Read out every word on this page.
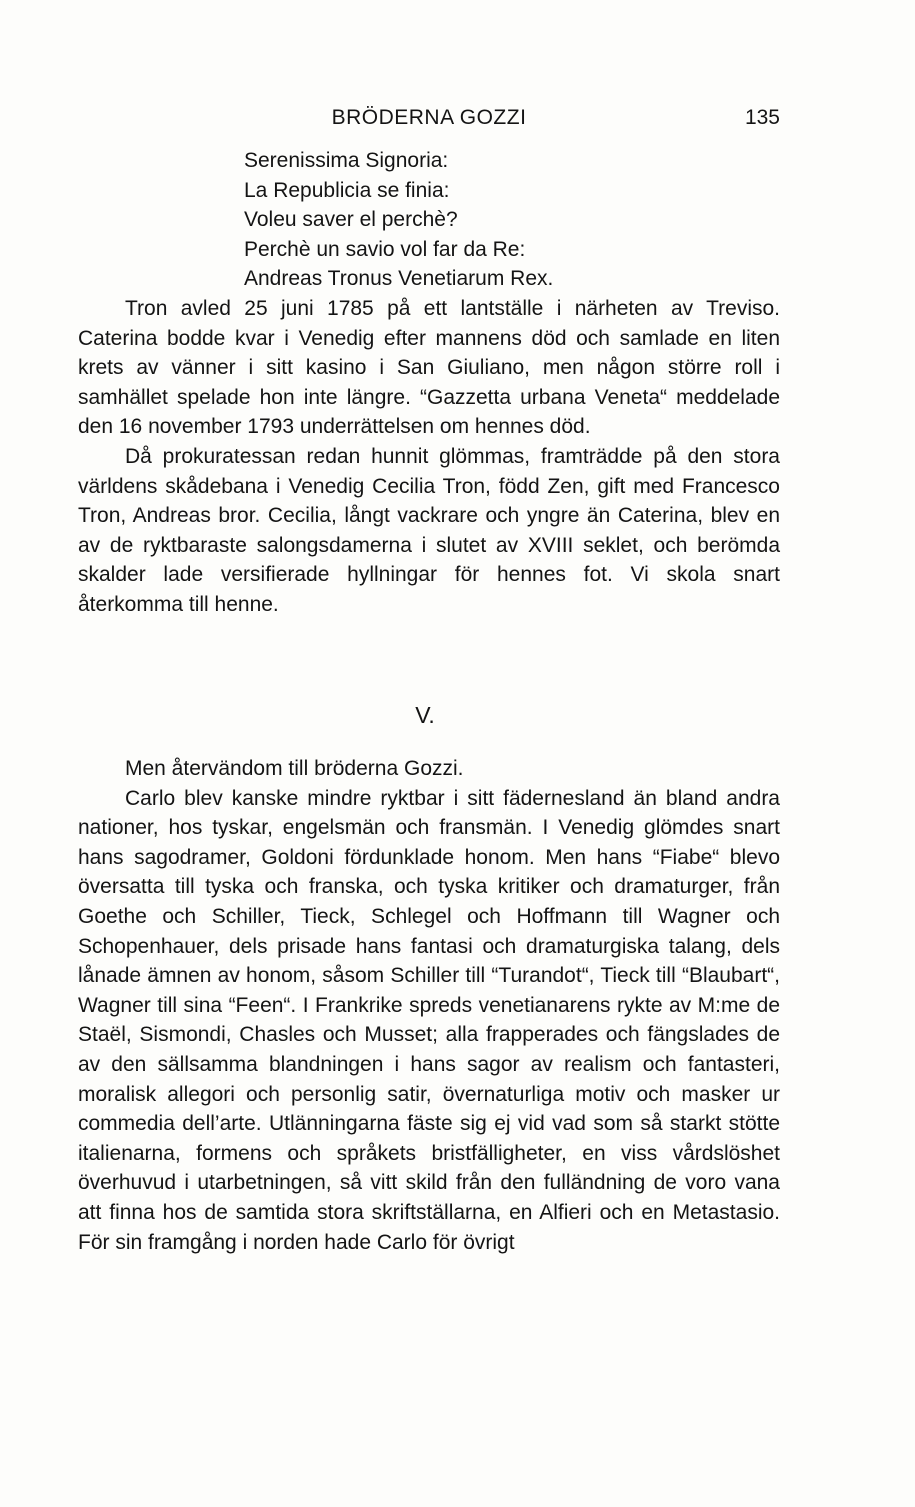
BRÖDERNA GOZZI	135
Serenissima Signoria:
La Republicia se finia:
Voleu saver el perchè?
Perchè un savio vol far da Re:
Andreas Tronus Venetiarum Rex.

Tron avled 25 juni 1785 på ett lantställe i närheten av Treviso. Caterina bodde kvar i Venedig efter mannens död och samlade en liten krets av vänner i sitt kasino i San Giuliano, men någon större roll i samhället spelade hon inte längre. “Gazzetta urbana Veneta“ meddelade den 16 november 1793 underrättelsen om hennes död.

Då prokuratessan redan hunnit glömmas, framträdde på den stora världens skådebana i Venedig Cecilia Tron, född Zen, gift med Francesco Tron, Andreas bror. Cecilia, långt vackrare och yngre än Caterina, blev en av de ryktbaraste salongsdamerna i slutet av XVIII seklet, och berömda skalder lade versifierade hyllningar för hennes fot. Vi skola snart återkomma till henne.

V.

Men återvändom till bröderna Gozzi.

Carlo blev kanske mindre ryktbar i sitt fädernesland än bland andra nationer, hos tyskar, engelsmän och fransmän. I Venedig glömdes snart hans sagodramer, Goldoni fördunklade honom. Men hans “Fiabe“ blevo översatta till tyska och franska, och tyska kritiker och dramaturger, från Goethe och Schiller, Tieck, Schlegel och Hoffmann till Wagner och Schopenhauer, dels prisade hans fantasi och dramaturgiska talang, dels lånade ämnen av honom, såsom Schiller till “Turandot“, Tieck till “Blaubart“, Wagner till sina “Feen“. I Frankrike spreds venetianarens rykte av M:me de Staël, Sismondi, Chasles och Musset; alla frapperades och fängslades de av den sällsamma blandningen i hans sagor av realism och fantasteri, moralisk allegori och personlig satir, övernaturliga motiv och masker ur commedia dell’arte. Utlänningarna fäste sig ej vid vad som så starkt stötte italienarna, formens och språkets bristfälligheter, en viss vårdslöshet överhuvud i utarbetningen, så vitt skild från den fulländning de voro vana att finna hos de samtida stora skriftställarna, en Alfieri och en Metastasio. För sin framgång i norden hade Carlo för övrigt
